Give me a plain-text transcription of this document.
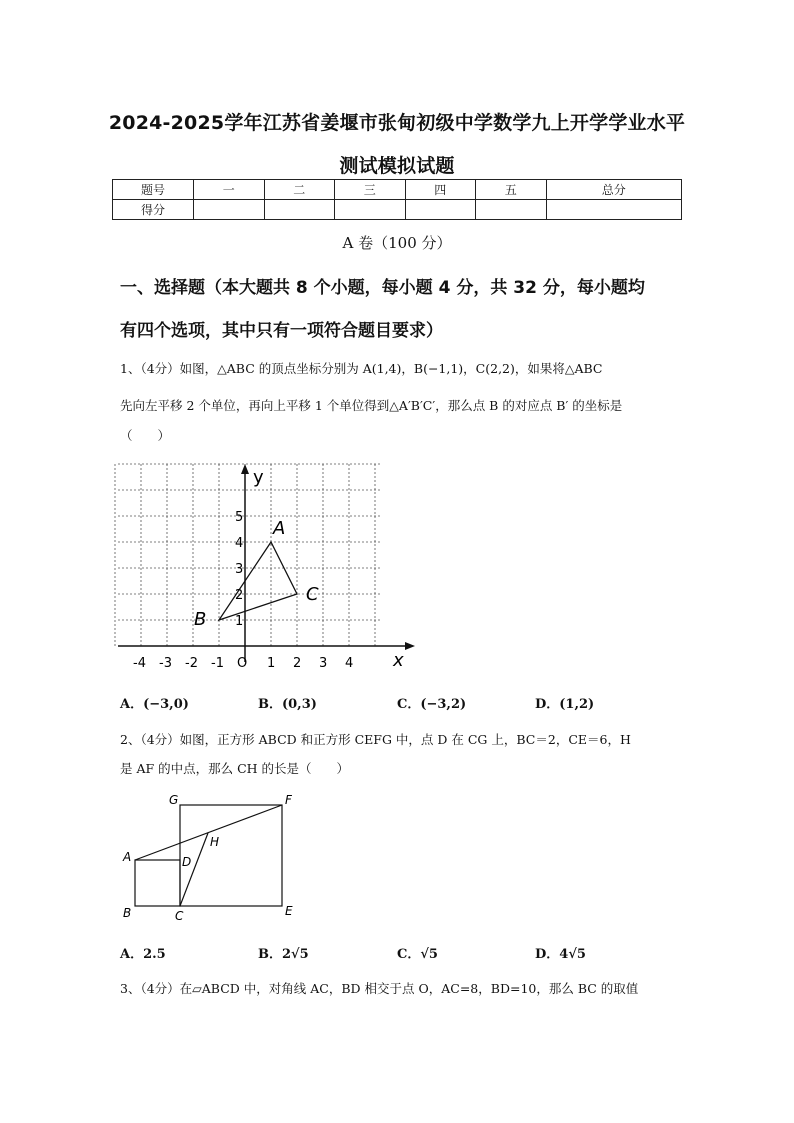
2024-2025学年江苏省姜堰市张甸初级中学数学九上开学学业水平
测试模拟试题
题号	一	二	三	四	五	总分
得分						
A 卷（100 分）
一、选择题（本大题共 8 个小题，每小题 4 分，共 32 分，每小题均
有四个选项，其中只有一项符合题目要求）
1、（4分）如图，△ABC 的顶点坐标分别为 A(1,4)，B(−1,1)，C(2,2)，如果将△ABC
先向左平移 2 个单位，再向上平移 1 个单位得到△A′B′C′，那么点 B 的对应点 B′ 的坐标是
（　　）
y
x
O
-4 -3 -2 -1	1 2 3 4
1
2
3
4
5
A
B
C
A．(−3,0)	B．(0,3)	C．(−3,2)	D．(1,2)
2、（4分）如图，正方形 ABCD 和正方形 CEFG 中，点 D 在 CG 上，BC＝2，CE＝6，H
是 AF 的中点，那么 CH 的长是（　　）
G	F
A	D
H
B	C	E
A．2.5	B．2√5	C．√5	D．4√5
3、（4分）在▱ABCD 中，对角线 AC，BD 相交于点 O，AC=8，BD=10，那么 BC 的取值
